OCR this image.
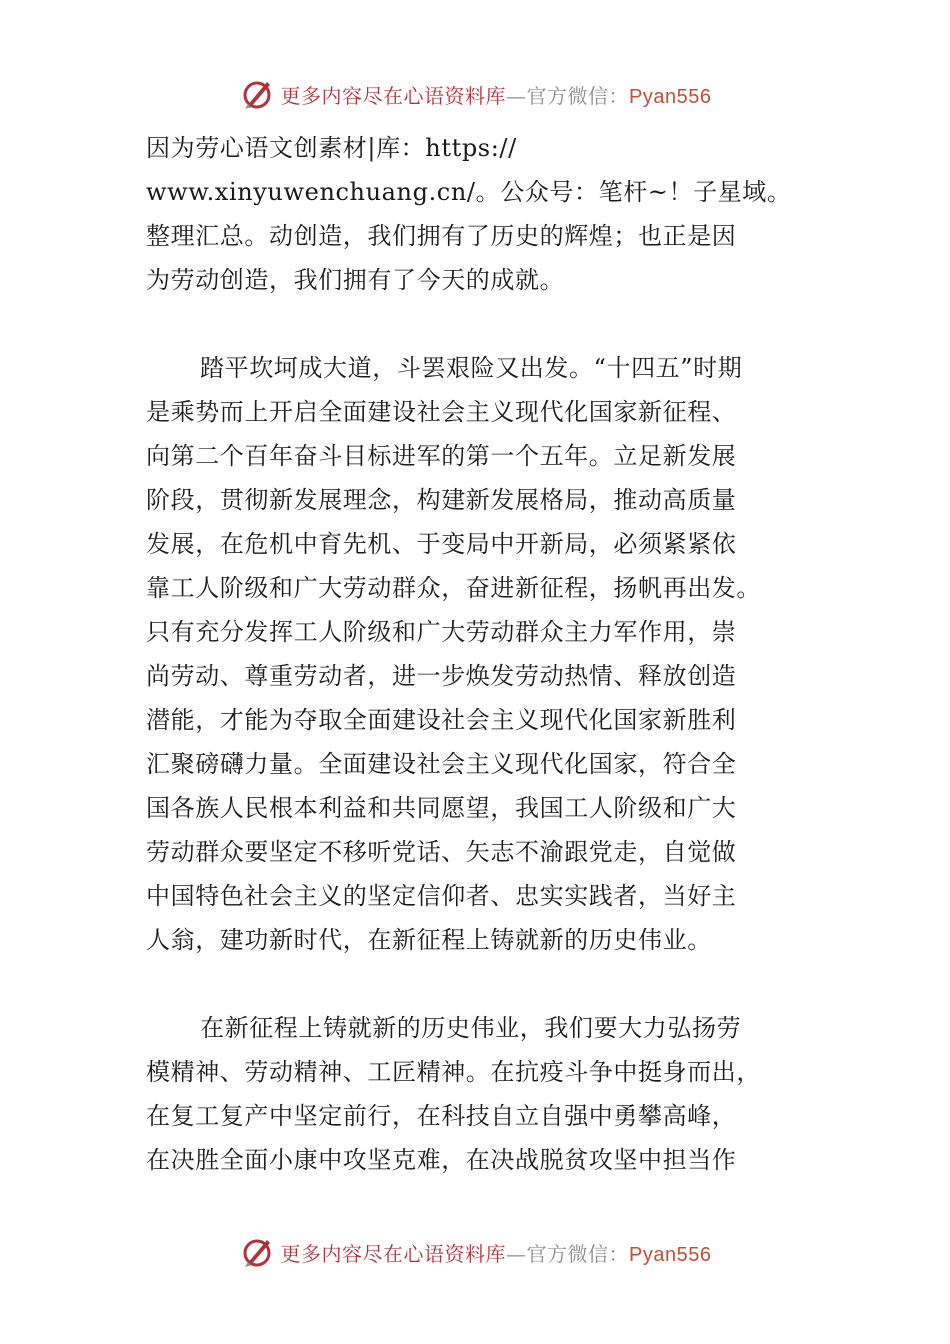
更多内容尽在心语资料库—官方微信：Pyan556

因为劳心语文创素材|库：https://
www.xinyuwenchuang.cn/。公众号：笔杆~！子星域。
整理汇总。动创造，我们拥有了历史的辉煌；也正是因
为劳动创造，我们拥有了今天的成就。

踏平坎坷成大道，斗罢艰险又出发。“十四五”时期
是乘势而上开启全面建设社会主义现代化国家新征程、
向第二个百年奋斗目标进军的第一个五年。立足新发展
阶段，贯彻新发展理念，构建新发展格局，推动高质量
发展，在危机中育先机、于变局中开新局，必须紧紧依
靠工人阶级和广大劳动群众，奋进新征程，扬帆再出发。
只有充分发挥工人阶级和广大劳动群众主力军作用，崇
尚劳动、尊重劳动者，进一步焕发劳动热情、释放创造
潜能，才能为夺取全面建设社会主义现代化国家新胜利
汇聚磅礴力量。全面建设社会主义现代化国家，符合全
国各族人民根本利益和共同愿望，我国工人阶级和广大
劳动群众要坚定不移听党话、矢志不渝跟党走，自觉做
中国特色社会主义的坚定信仰者、忠实实践者，当好主
人翁，建功新时代，在新征程上铸就新的历史伟业。

在新征程上铸就新的历史伟业，我们要大力弘扬劳
模精神、劳动精神、工匠精神。在抗疫斗争中挺身而出，
在复工复产中坚定前行，在科技自立自强中勇攀高峰，
在决胜全面小康中攻坚克难，在决战脱贫攻坚中担当作

更多内容尽在心语资料库—官方微信：Pyan556
